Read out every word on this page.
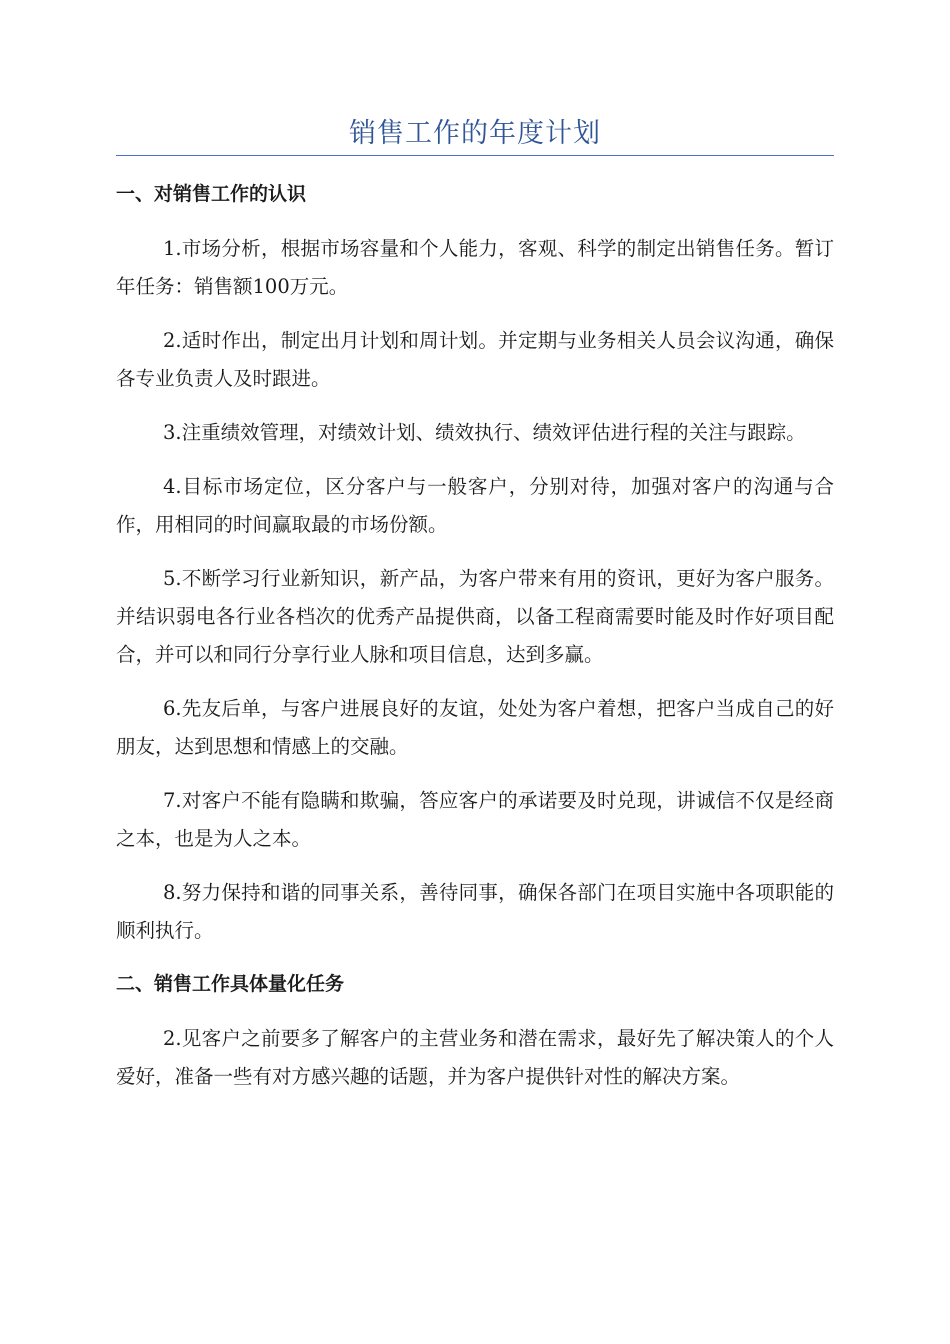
销售工作的年度计划
一、对销售工作的认识

1.市场分析，根据市场容量和个人能力，客观、科学的制定出销售任务。暂订年任务：销售额100万元。

2.适时作出，制定出月计划和周计划。并定期与业务相关人员会议沟通，确保各专业负责人及时跟进。

3.注重绩效管理，对绩效计划、绩效执行、绩效评估进行程的关注与跟踪。

4.目标市场定位，区分客户与一般客户，分别对待，加强对客户的沟通与合作，用相同的时间赢取最的市场份额。

5.不断学习行业新知识，新产品，为客户带来有用的资讯，更好为客户服务。并结识弱电各行业各档次的优秀产品提供商，以备工程商需要时能及时作好项目配合，并可以和同行分享行业人脉和项目信息，达到多赢。

6.先友后单，与客户进展良好的友谊，处处为客户着想，把客户当成自己的好朋友，达到思想和情感上的交融。

7.对客户不能有隐瞒和欺骗，答应客户的承诺要及时兑现，讲诚信不仅是经商之本，也是为人之本。

8.努力保持和谐的同事关系，善待同事，确保各部门在项目实施中各项职能的顺利执行。

二、销售工作具体量化任务

2.见客户之前要多了解客户的主营业务和潜在需求，最好先了解决策人的个人爱好，准备一些有对方感兴趣的话题，并为客户提供针对性的解决方案。
